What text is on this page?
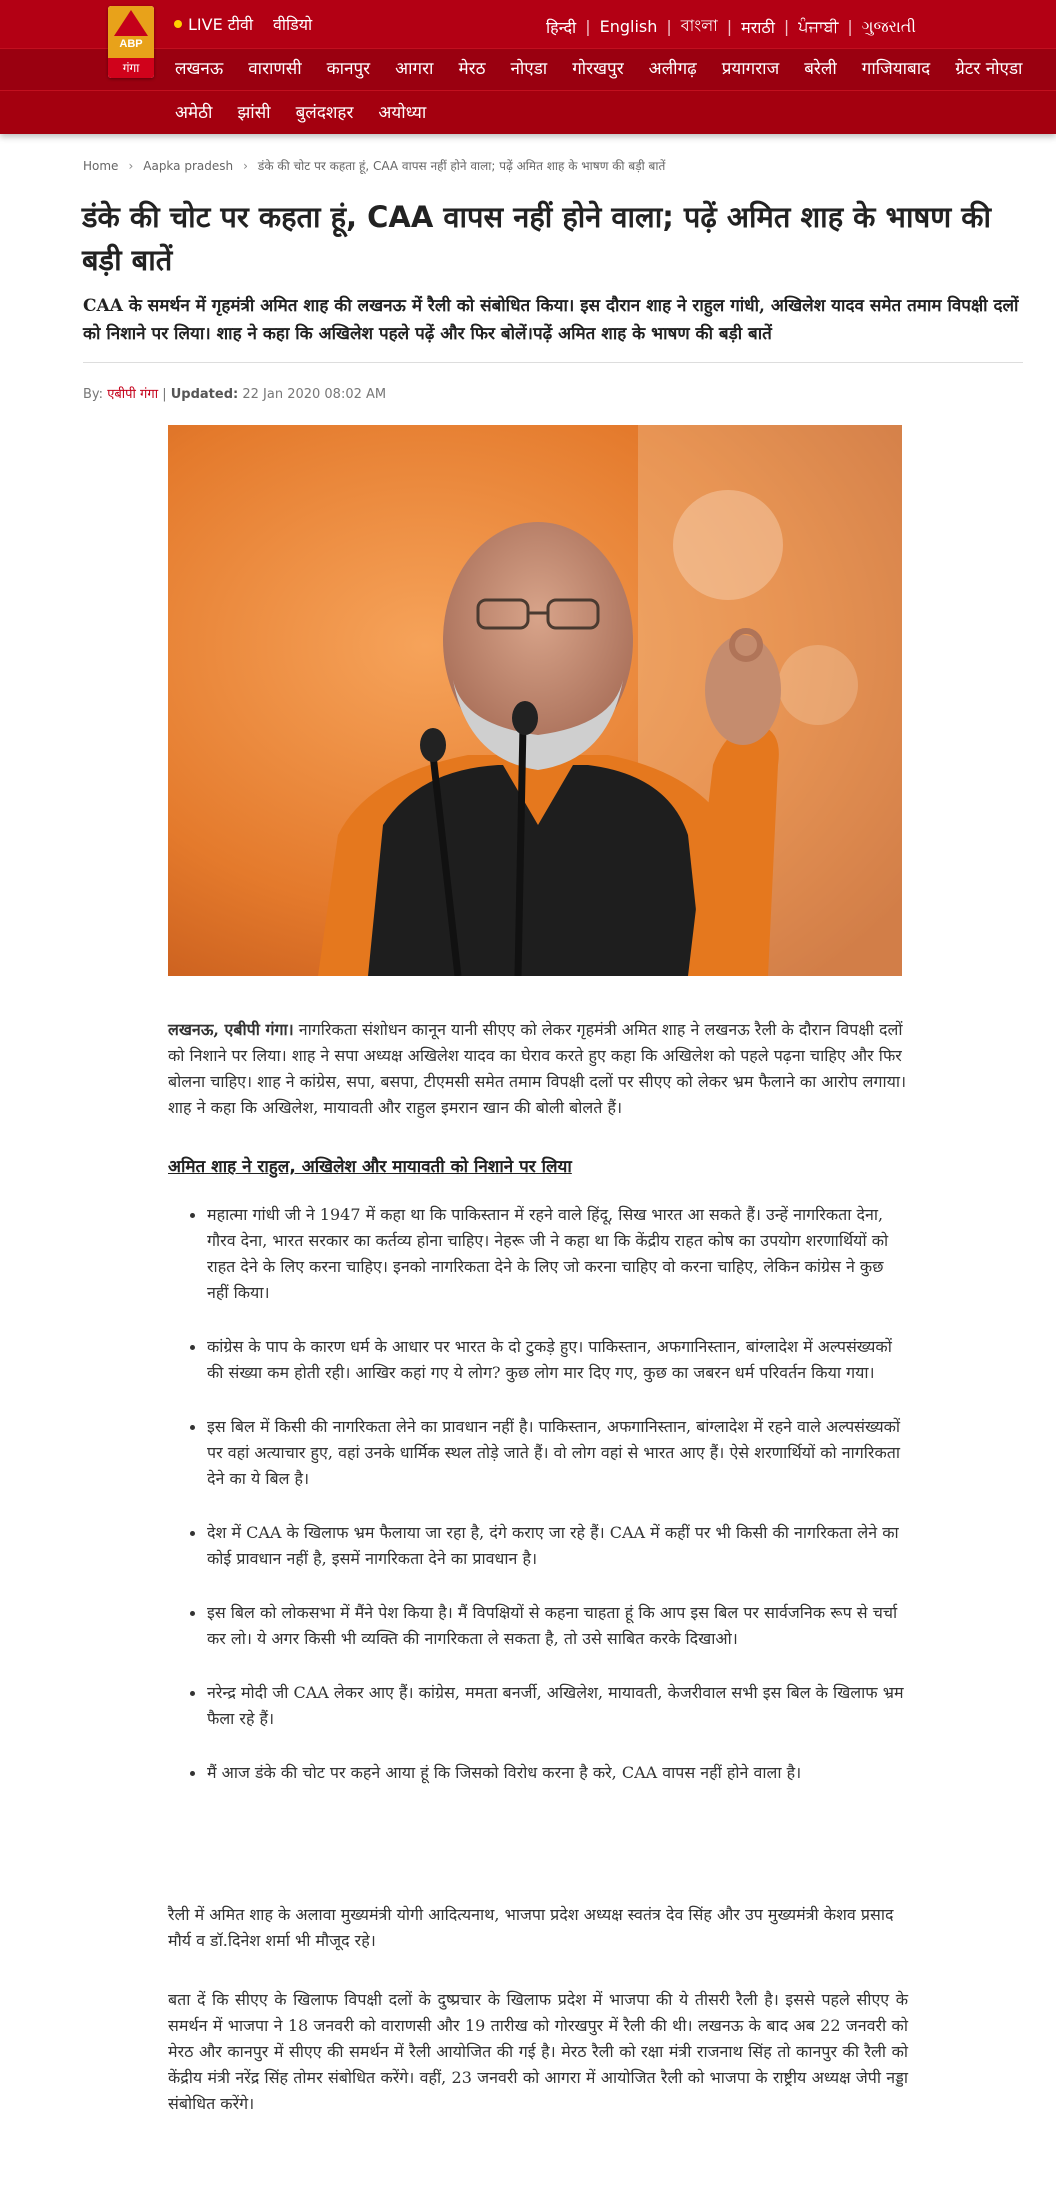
ABP
गंगा
LIVE टीवी वीडियो	हिन्दी | English | বাংলা | मराठी | ਪੰਜਾਬੀ | ગુજરાતી
लखनऊ वाराणसी कानपुर आगरा मेरठ नोएडा गोरखपुर अलीगढ़ प्रयागराज बरेली गाजियाबाद ग्रेटर नोएडा
अमेठी झांसी बुलंदशहर अयोध्या
Home › Aapka pradesh › डंके की चोट पर कहता हूं, CAA वापस नहीं होने वाला; पढ़ें अमित शाह के भाषण की बड़ी बातें
डंके की चोट पर कहता हूं, CAA वापस नहीं होने वाला; पढ़ें अमित शाह के भाषण की बड़ी बातें

CAA के समर्थन में गृहमंत्री अमित शाह की लखनऊ में रैली को संबोधित किया। इस दौरान शाह ने राहुल गांधी, अखिलेश यादव समेत तमाम विपक्षी दलों को निशाने पर लिया। शाह ने कहा कि अखिलेश पहले पढ़ें और फिर बोलें।पढ़ें अमित शाह के भाषण की बड़ी बातें

By: एबीपी गंगा | Updated: 22 Jan 2020 08:02 AM

लखनऊ, एबीपी गंगा। नागरिकता संशोधन कानून यानी सीएए को लेकर गृहमंत्री अमित शाह ने लखनऊ रैली के दौरान विपक्षी दलों को निशाने पर लिया। शाह ने सपा अध्यक्ष अखिलेश यादव का घेराव करते हुए कहा कि अखिलेश को पहले पढ़ना चाहिए और फिर बोलना चाहिए। शाह ने कांग्रेस, सपा, बसपा, टीएमसी समेत तमाम विपक्षी दलों पर सीएए को लेकर भ्रम फैलाने का आरोप लगाया। शाह ने कहा कि अखिलेश, मायावती और राहुल इमरान खान की बोली बोलते हैं।

अमित शाह ने राहुल, अखिलेश और मायावती को निशाने पर लिया
महात्मा गांधी जी ने 1947 में कहा था कि पाकिस्तान में रहने वाले हिंदू, सिख भारत आ सकते हैं। उन्हें नागरिकता देना, गौरव देना, भारत सरकार का कर्तव्य होना चाहिए। नेहरू जी ने कहा था कि केंद्रीय राहत कोष का उपयोग शरणार्थियों को राहत देने के लिए करना चाहिए। इनको नागरिकता देने के लिए जो करना चाहिए वो करना चाहिए, लेकिन कांग्रेस ने कुछ नहीं किया।
कांग्रेस के पाप के कारण धर्म के आधार पर भारत के दो टुकड़े हुए। पाकिस्तान, अफगानिस्तान, बांग्लादेश में अल्पसंख्यकों की संख्या कम होती रही। आखिर कहां गए ये लोग? कुछ लोग मार दिए गए, कुछ का जबरन धर्म परिवर्तन किया गया।
इस बिल में किसी की नागरिकता लेने का प्रावधान नहीं है। पाकिस्तान, अफगानिस्तान, बांग्लादेश में रहने वाले अल्पसंख्यकों पर वहां अत्याचार हुए, वहां उनके धार्मिक स्थल तोड़े जाते हैं। वो लोग वहां से भारत आए हैं। ऐसे शरणार्थियों को नागरिकता देने का ये बिल है।
देश में CAA के खिलाफ भ्रम फैलाया जा रहा है, दंगे कराए जा रहे हैं। CAA में कहीं पर भी किसी की नागरिकता लेने का कोई प्रावधान नहीं है, इसमें नागरिकता देने का प्रावधान है।
इस बिल को लोकसभा में मैंने पेश किया है। मैं विपक्षियों से कहना चाहता हूं कि आप इस बिल पर सार्वजनिक रूप से चर्चा कर लो। ये अगर किसी भी व्यक्ति की नागरिकता ले सकता है, तो उसे साबित करके दिखाओ।
नरेन्द्र मोदी जी CAA लेकर आए हैं। कांग्रेस, ममता बनर्जी, अखिलेश, मायावती, केजरीवाल सभी इस बिल के खिलाफ भ्रम फैला रहे हैं।
मैं आज डंके की चोट पर कहने आया हूं कि जिसको विरोध करना है करे, CAA वापस नहीं होने वाला है।

रैली में अमित शाह के अलावा मुख्यमंत्री योगी आदित्यनाथ, भाजपा प्रदेश अध्यक्ष स्वतंत्र देव सिंह और उप मुख्यमंत्री केशव प्रसाद मौर्य व डॉ.दिनेश शर्मा भी मौजूद रहे।

बता दें कि सीएए के खिलाफ विपक्षी दलों के दुष्प्रचार के खिलाफ प्रदेश में भाजपा की ये तीसरी रैली है। इससे पहले सीएए के समर्थन में भाजपा ने 18 जनवरी को वाराणसी और 19 तारीख को गोरखपुर में रैली की थी। लखनऊ के बाद अब 22 जनवरी को मेरठ और कानपुर में सीएए की समर्थन में रैली आयोजित की गई है। मेरठ रैली को रक्षा मंत्री राजनाथ सिंह तो कानपुर की रैली को केंद्रीय मंत्री नरेंद्र सिंह तोमर संबोधित करेंगे। वहीं, 23 जनवरी को आगरा में आयोजित रैली को भाजपा के राष्ट्रीय अध्यक्ष जेपी नड्डा संबोधित करेंगे।
